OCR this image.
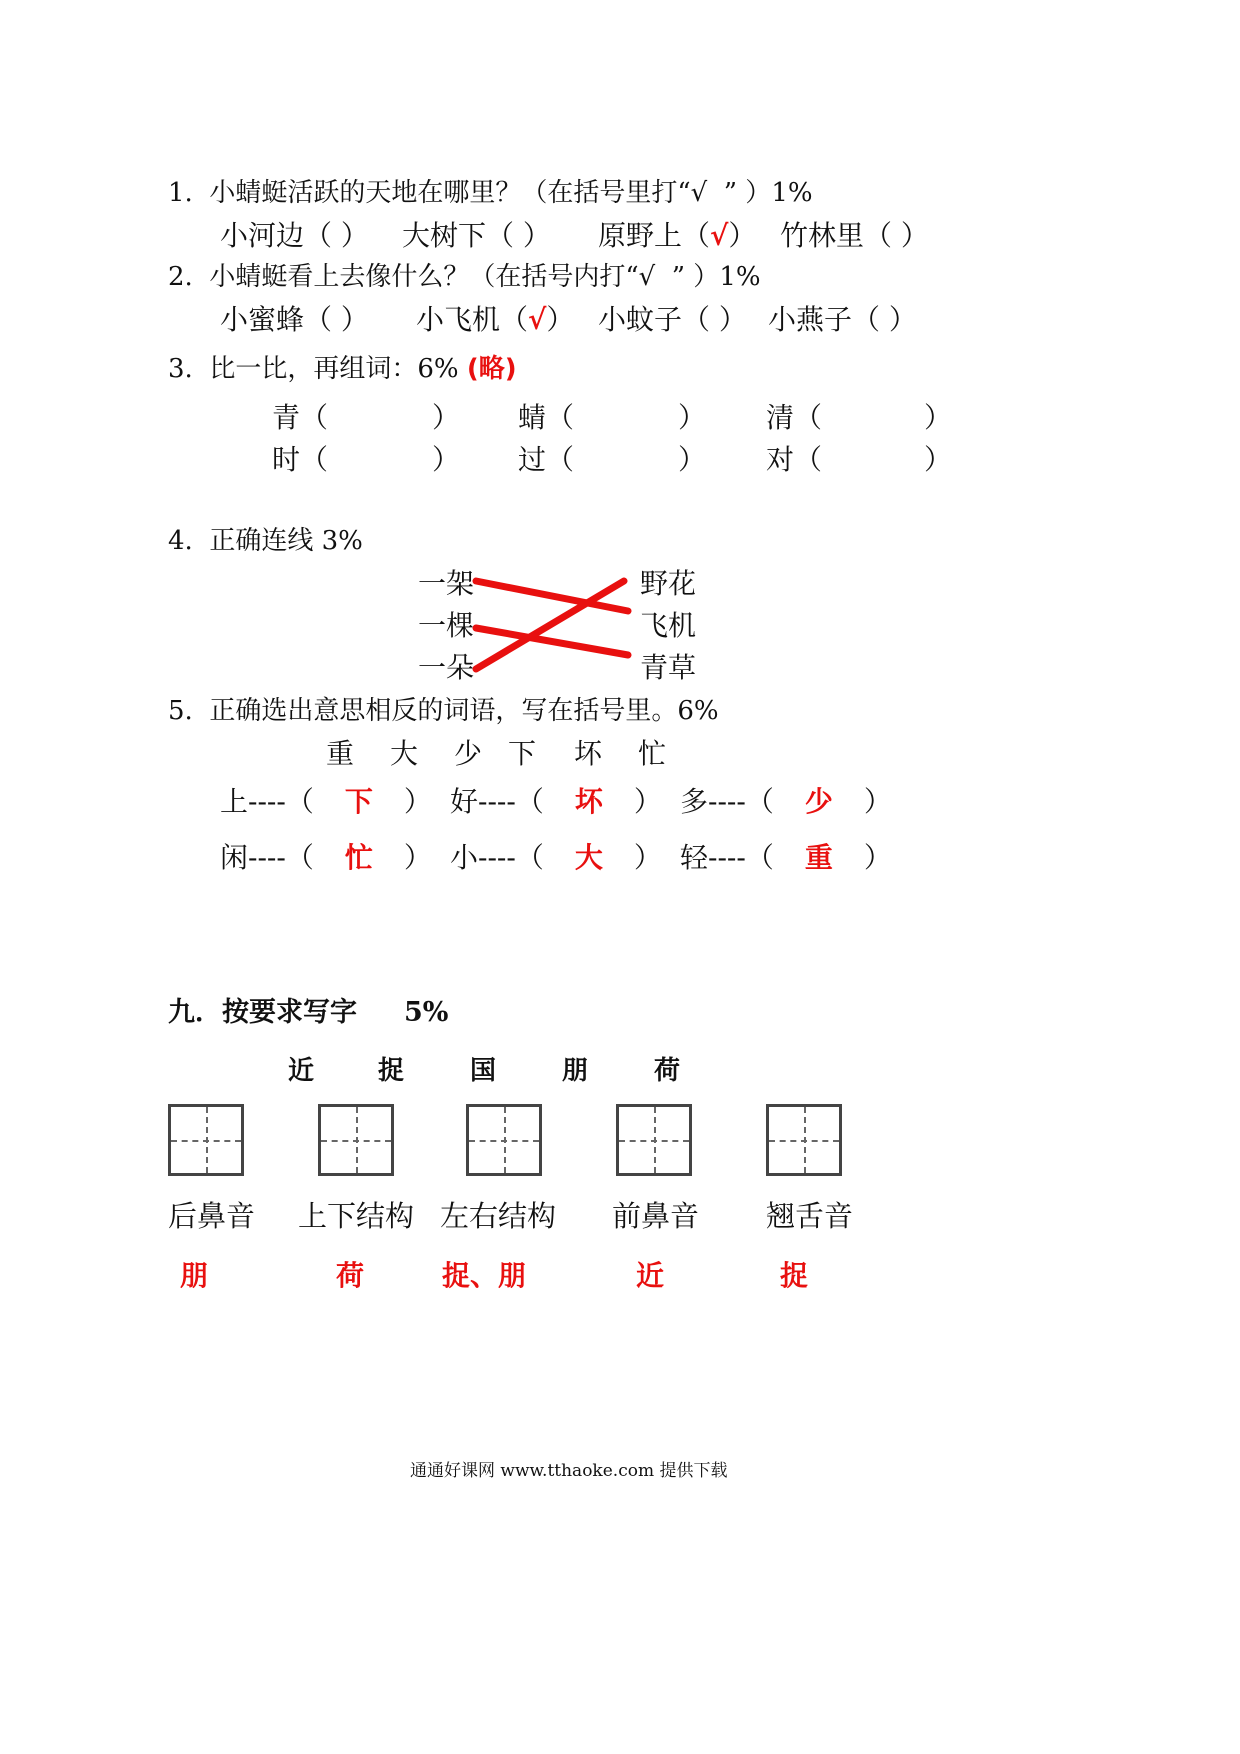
1. 小蜻蜓活跃的天地在哪里？（在括号里打“√ ” ）1%
小河边（ ） 大树下（ ） 原野上（√） 竹林里（ ）
2. 小蜻蜓看上去像什么？（在括号内打“√ ” ）1%
小蜜蜂（ ） 小飞机（√） 小蚊子（ ） 小燕子（ ）
3. 比一比，再组词：6% (略)
青（	） 蜻（	） 清（	）
时（	） 过（	） 对（	）
4. 正确连线 3%
一架
一棵
一朵
野花
飞机
青草
5. 正确选出意思相反的词语，写在括号里。6%
重 大 少 下 坏 忙
上----（ 下 ） 好----（ 坏 ） 多----（ 少 ）
闲----（ 忙 ） 小----（ 大 ） 轻----（ 重 ）
九．按要求写字 5%
近 捉	国	朋	荷
后鼻音 上下结构 左右结构 前鼻音 翘舌音
朋	荷	捉、朋	近	捉
通通好课网 www.tthaoke.com 提供下载
